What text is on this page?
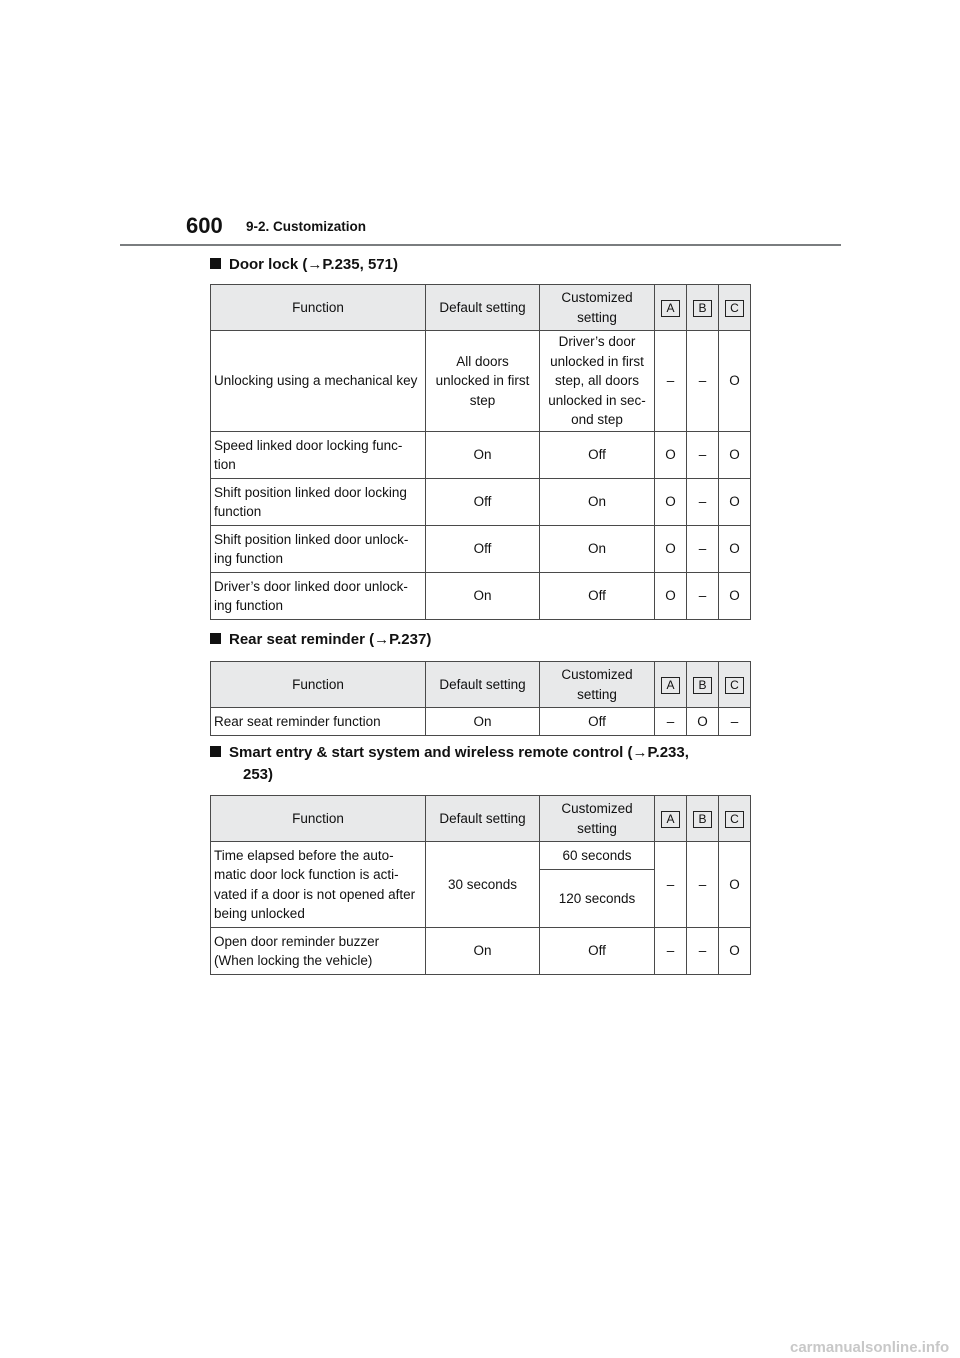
600 9-2. Customization
Door lock (→P.235, 571)
Function	Default setting	Customized setting	A	B	C
Unlocking using a mechanical key	All doors unlocked in first step	Driver’s door unlocked in first step, all doors unlocked in sec- ond step	–	–	O
Speed linked door locking func- tion	On	Off	O	–	O
Shift position linked door locking function	Off	On	O	–	O
Shift position linked door unlock- ing function	Off	On	O	–	O
Driver’s door linked door unlock- ing function	On	Off	O	–	O
Rear seat reminder (→P.237)
Function	Default setting	Customized setting	A	B	C
Rear seat reminder function	On	Off	–	O	–
Smart entry & start system and wireless remote control (→P.233,
253)
Function	Default setting	Customized setting	A	B	C
Time elapsed before the auto- matic door lock function is acti- vated if a door is not opened after being unlocked	30 seconds	60 seconds	–	–	O
		120 seconds			
Open door reminder buzzer (When locking the vehicle)	On	Off	–	–	O
carmanualsonline.info
